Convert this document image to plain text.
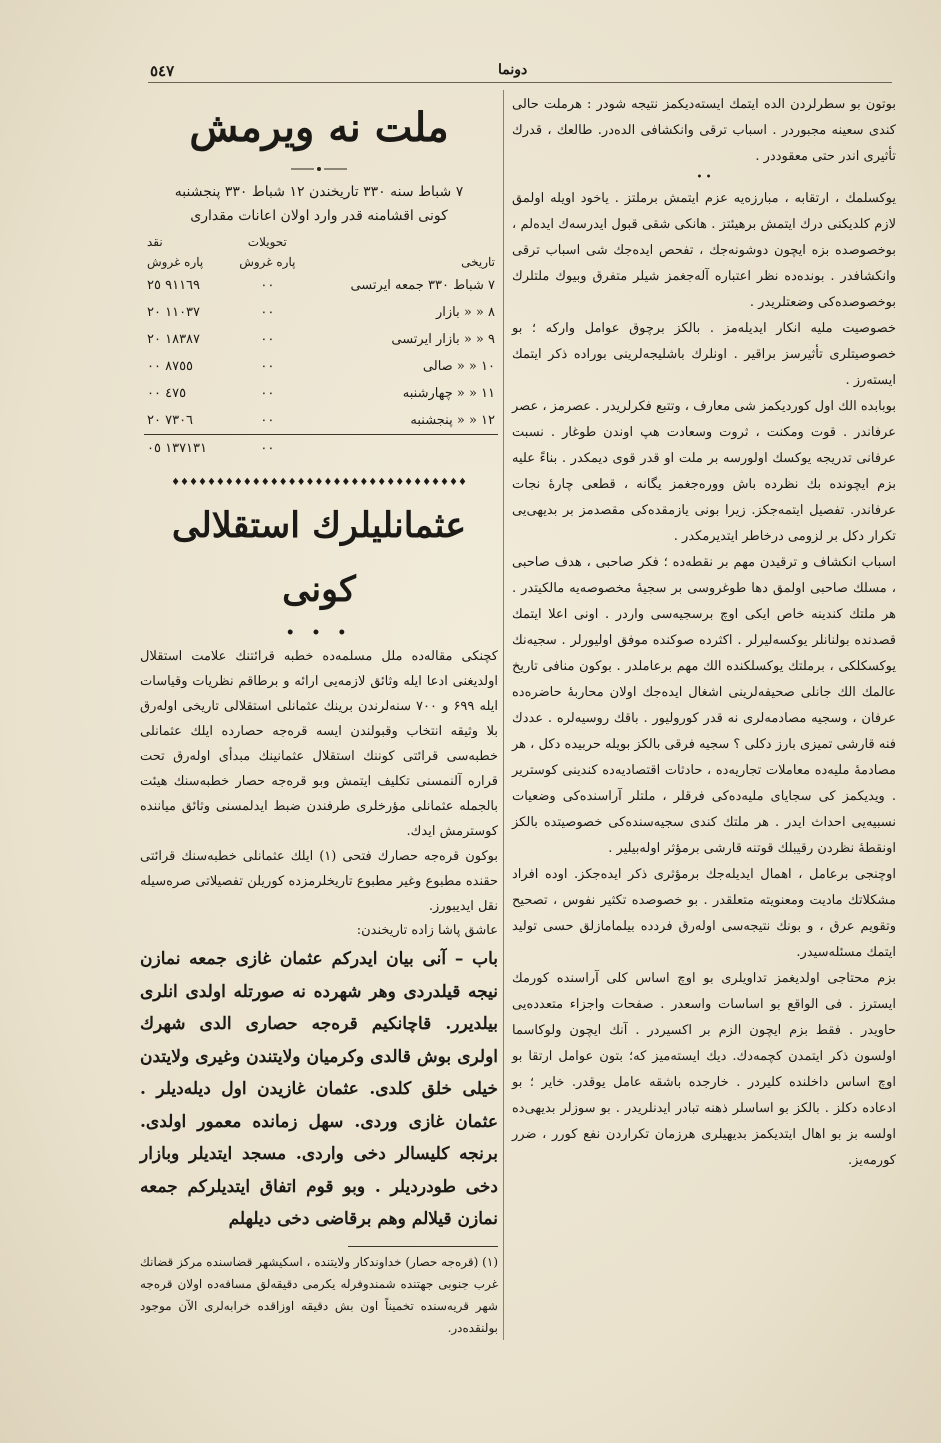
٥٤٧	دونما
ملت نه ویرمش
۷ شباط سنه ۳۳۰ تاریخندن ۱۲ شباط ۳۳۰ پنجشنبه
کونی اقشامنه قدر وارد اولان اعانات مقداری
	تحویلات	نقد
تاریخی	پاره غروش	پاره غروش
۷ شباط ۳۳۰ جمعه ایرتسی	٠٠	٩١١٦٩ ٢٥
۸ « « بازار	٠٠	١١٠٣٧ ٢٠
۹ « « بازار ایرتسی	٠٠	١٨٣٨٧ ٢٠
۱۰ « « صالی	٠٠	٨٧٥٥ ٠٠
۱۱ « « چهارشنبه	٠٠	٤٧٥ ٠٠
۱۲ « « پنجشنبه	٠٠	٧٣٠٦ ٢٠
	٠٠	١٣٧١٣١ ٠٥
♦♦♦♦♦♦♦♦♦♦♦♦♦♦♦♦♦♦♦♦♦♦♦♦♦♦♦♦♦♦♦♦♦
عثمانلیلرك استقلالی كونی
• • •

کچنکی مقاله‌ده ملل مسلمه‌ده خطبه قرائتنك علامت استقلال اولدیغنی ادعا ایله وثائق لازمه‌یی ارائه و برطاقم نظریات وقیاسات ایله ۶۹۹ و ۷۰۰ سنه‌لرندن برینك عثمانلی استقلالی تاریخی اوله‌رق بلا وثیقه انتخاب وقبولندن ایسه قره‌جه حصارده ایلك عثمانلی خطبه‌سی قرائتی کوننك استقلال عثمانینك مبدأی اوله‌رق تحت قراره آلنمسنی تکلیف ایتمش وبو قره‌جه حصار خطبه‌سنك هیئت بالجمله عثمانلی مؤرخلری طرفندن ضبط ایدلمسنی وثائق میاننده کوسترمش ایدك.

بوکون قره‌جه حصارك فتحی (۱) ایلك عثمانلی خطبه‌سنك قرائتی حقنده مطبوع وغیر مطبوع تاریخلرمزده کوریلن تفصیلاتی صره‌سیله نقل ایدیبورز.

عاشق پاشا زاده تاریخندن:

باب – آنی بیان ایدرکم عثمان غازی جمعه نمازن نیجه قیلدردی وهر شهرده نه صورتله اولدی انلری بیلدیرر. قاچانکیم قره‌جه حصاری الدی شهرك اولری بوش قالدی وکرمیان ولایتندن وغیری ولایتدن خیلی خلق کلدی. عثمان غازیدن اول دیله‌دیلر . عثمان غازی وردی. سهل زمانده معمور اولدی. برنجه کلیسالر دخی واردی. مسجد ایتدیلر وبازار دخی طودردیلر . وبو قوم اتفاق ایتدیلرکم جمعه نمازن قیلالم وهم برقاضی دخی دیلهلم

(۱) (قره‌جه حصار) خداوندکار ولایتنده ، اسکیشهر قضاسنده مرکز قضانك غرب جنوبی جهتنده شمندوفرله یکرمی دقیقه‌لق مسافه‌ده اولان قره‌جه شهر قریه‌سنده تخمیناً اون بش دقیقه اوزاقده خرابه‌لری الآن موجود بولنقده‌در.

بوتون بو سطرلردن الده ایتمك ایسته‌دیکمز نتیجه شودر : هرملت حالی کندی سعینه مجبوردر . اسباب ترقی وانکشافی الده‌در. طالعك ، قدرك تأثیری اندر حتی معقوددر .

• •

یوکسلمك ، ارتقابه ، مبارزه‌یه عزم ایتمش برملتز . یاخود اویله اولمق لازم کلدیکنی درك ایتمش برهیئتز . هانکی شقی قبول ایدرسه‌ك ایدەلم ، بوخصوصده بزه ایچون دوشونه‌جك ، تفحص ایده‌جك شی اسباب ترقی وانکشافدر . بونده‌ده نظر اعتباره آله‌جغمز شیلر متفرق وبیوك ملتلرك بوخصوصده‌کی وضعتلریدر .

خصوصیت ملیه انکار ایدیله‌مز . بالکز برچوق عوامل وارکه ؛ بو خصوصیتلری تأثیرسز براقیر . اونلرك باشلیجه‌لرینی بوراده ذکر ایتمك ایسته‌رز .

بوبابده الك اول کوردیکمز شی معارف ، وتتبع فکرلریدر . عصرمز ، عصر عرفاندر . قوت ومکنت ، ثروت وسعادت هپ اوندن طوغار . نسبت عرفانی تدریجه یوکسك اولورسه بر ملت او قدر قوی دیمکدر . بناءً علیه بزم ایچونده بك نظرده باش وورەجغمز یگانه ، قطعی چارۀ نجات عرفاندر. تفصیل ایتمه‌جکز. زیرا بونی یازمقده‌کی مقصدمز بر بدیهی‌یی تکرار دکل بر لزومی درخاطر ایتدیرمکدر .

اسباب انکشاف و ترقیدن مهم بر نقطه‌ده ؛ فکر صاحبی ، هدف صاحبی ، مسلك صاحبی اولمق دها طوغروسی بر سجیۀ مخصوصه‌یه مالکیتدر . هر ملتك کندینه خاص ایکی اوچ برسجیه‌سی واردر . اونی اعلا ایتمك قصدنده بولنانلر یوکسه‌لیرلر . اکثرده صوکنده موفق اولیورلر . سجیه‌نك یوکسکلکی ، برملتك یوکسلکنده الك مهم برعاملدر . بوکون منافی تاریخ عالمك الك جانلی صحیفه‌لرینی اشغال ایده‌جك اولان محاربۀ حاضره‌ده عرفان ، وسجیه مصادمه‌لری نه قدر کورولیور . باقك روسیه‌لره . عددك فنه قارشی تمیزی بارز دکلی ؟ سجیه فرقی بالکز بویله حربیده دکل ، هر مصادمۀ ملیه‌ده معاملات تجاریه‌ده ، حادثات اقتصادیه‌ده کندینی کوستریر . ویدیکمز کی سجایای ملیه‌ده‌کی فرقلر ، ملتلر آراسنده‌کی وضعیات نسبیه‌یی احداث ایدر . هر ملتك کندی سجیه‌سنده‌کی خصوصیتده بالکز اونقطۀ نظردن رقیبلك قوتنه قارشی برمؤثر اوله‌بیلیر .

اوچنجی برعامل ، اهمال ایدیله‌جك برمؤثری ذکر ایده‌جکز. اوده افراد مشکلاتك مادیت ومعنویته متعلقدر . بو خصوصده تکثیر نفوس ، تصحیح وتقویم عرق ، و بونك نتیجه‌سی اوله‌رق فردده بیلمامازلق حسی تولید ایتمك مسئله‌سیدر.

بزم محتاجی اولدیغمز تداویلری بو اوچ اساس کلی آراسنده کورمك ایسترز . فی الواقع بو اساسات واسعدر . صفحات واجزاء متعددەیی حاویدر . فقط بزم ایچون الزم بر اکسیردر . آنك ایچون ولوکاسما اولسون ذکر ایتمدن کچمه‌دك. دیك ایسته‌میز که؛ بتون عوامل ارتقا بو اوچ اساس داخلنده کلیردر . خارجده باشقه عامل یوقدر. خایر ؛ بو ادعاده دکلز . بالکز بو اساسلر ذهنه تبادر ایدنلریدر . بو سوزلر بدیهی‌ده اولسه بز بو اهال ایتدیکمز بدیهیلری هرزمان تکراردن نفع کورر ، ضرر کورمه‌یز.
